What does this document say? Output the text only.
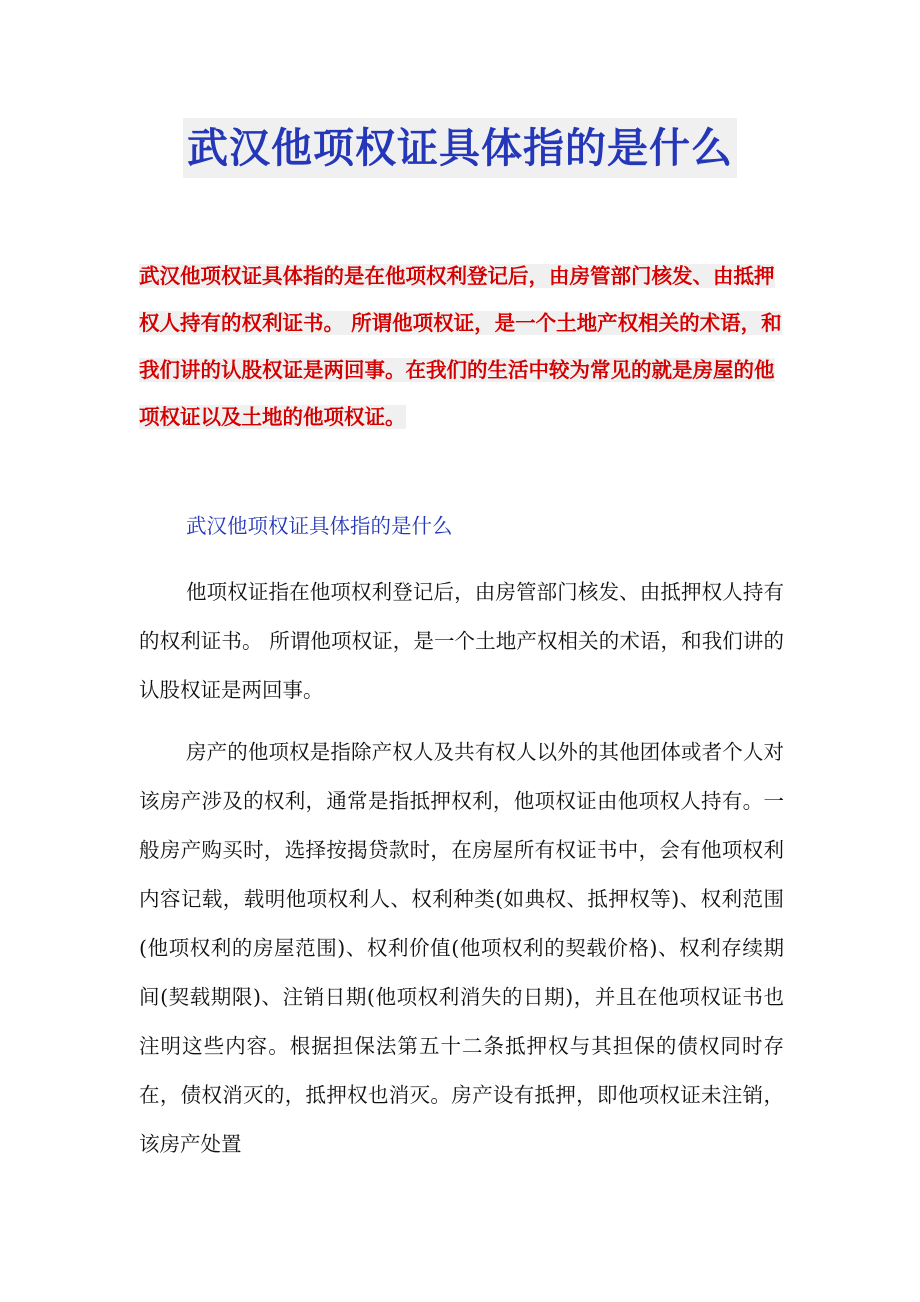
武汉他项权证具体指的是什么

武汉他项权证具体指的是在他项权利登记后，由房管部门核发、由抵押权人持有的权利证书。 所谓他项权证，是一个土地产权相关的术语，和我们讲的认股权证是两回事。在我们的生活中较为常见的就是房屋的他项权证以及土地的他项权证。

武汉他项权证具体指的是什么

他项权证指在他项权利登记后，由房管部门核发、由抵押权人持有的权利证书。 所谓他项权证，是一个土地产权相关的术语，和我们讲的认股权证是两回事。

房产的他项权是指除产权人及共有权人以外的其他团体或者个人对该房产涉及的权利，通常是指抵押权利，他项权证由他项权人持有。一般房产购买时，选择按揭贷款时，在房屋所有权证书中，会有他项权利内容记载，载明他项权利人、权利种类(如典权、抵押权等)、权利范围(他项权利的房屋范围)、权利价值(他项权利的契载价格)、权利存续期间(契载期限)、注销日期(他项权利消失的日期)，并且在他项权证书也注明这些内容。根据担保法第五十二条抵押权与其担保的债权同时存在，债权消灭的，抵押权也消灭。房产设有抵押，即他项权证未注销，该房产处置
